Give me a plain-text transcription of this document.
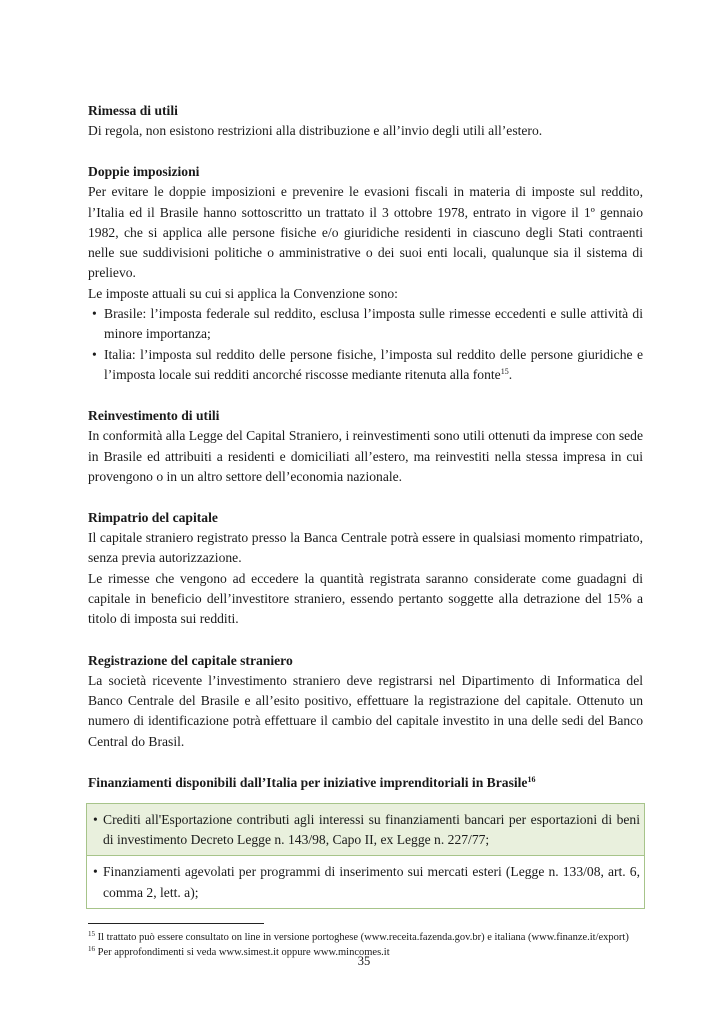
Rimessa di utili

Di regola, non esistono restrizioni alla distribuzione e all’invio degli utili all’estero.

Doppie imposizioni

Per evitare le doppie imposizioni e prevenire le evasioni fiscali in materia di imposte sul reddito, l’Italia ed il Brasile hanno sottoscritto un trattato il 3 ottobre 1978, entrato in vigore il 1º gennaio 1982, che si applica alle persone fisiche e/o giuridiche residenti in ciascuno degli Stati contraenti nelle sue suddivisioni politiche o amministrative o dei suoi enti locali, qualunque sia il sistema di prelievo.

Le imposte attuali su cui si applica la Convenzione sono:

• Brasile: l’imposta federale sul reddito, esclusa l’imposta sulle rimesse eccedenti e sulle attività di minore importanza;
• Italia: l’imposta sul reddito delle persone fisiche, l’imposta sul reddito delle persone giuridiche e l’imposta locale sui redditi ancorché riscosse mediante ritenuta alla fonte$^{15}$.

Reinvestimento di utili

In conformità alla Legge del Capital Straniero, i reinvestimenti sono utili ottenuti da imprese con sede in Brasile ed attribuiti a residenti e domiciliati all’estero, ma reinvestiti nella stessa impresa in cui provengono o in un altro settore dell’economia nazionale.

Rimpatrio del capitale

Il capitale straniero registrato presso la Banca Centrale potrà essere in qualsiasi momento rimpatriato, senza previa autorizzazione.

Le rimesse che vengono ad eccedere la quantità registrata saranno considerate come guadagni di capitale in beneficio dell’investitore straniero, essendo pertanto soggette alla detrazione del 15% a titolo di imposta sui redditi.

Registrazione del capitale straniero

La società ricevente l’investimento straniero deve registrarsi nel Dipartimento di Informatica del Banco Centrale del Brasile e all’esito positivo, effettuare la registrazione del capitale. Ottenuto un numero di identificazione potrà effettuare il cambio del capitale investito in una delle sedi del Banco Central do Brasil.

Finanziamenti disponibili dall’Italia per iniziative imprenditoriali in Brasile$^{16}$

• Crediti all'Esportazione contributi agli interessi su finanziamenti bancari per esportazioni di beni di investimento Decreto Legge n. 143/98, Capo II, ex Legge n. 227/77;
• Finanziamenti agevolati per programmi di inserimento sui mercati esteri (Legge n. 133/08, art. 6, comma 2, lett. a);

$^{15}$ Il trattato può essere consultato on line in versione portoghese (www.receita.fazenda.gov.br) e italiana (www.finanze.it/export)

$^{16}$ Per approfondimenti si veda www.simest.it oppure www.mincomes.it

35
